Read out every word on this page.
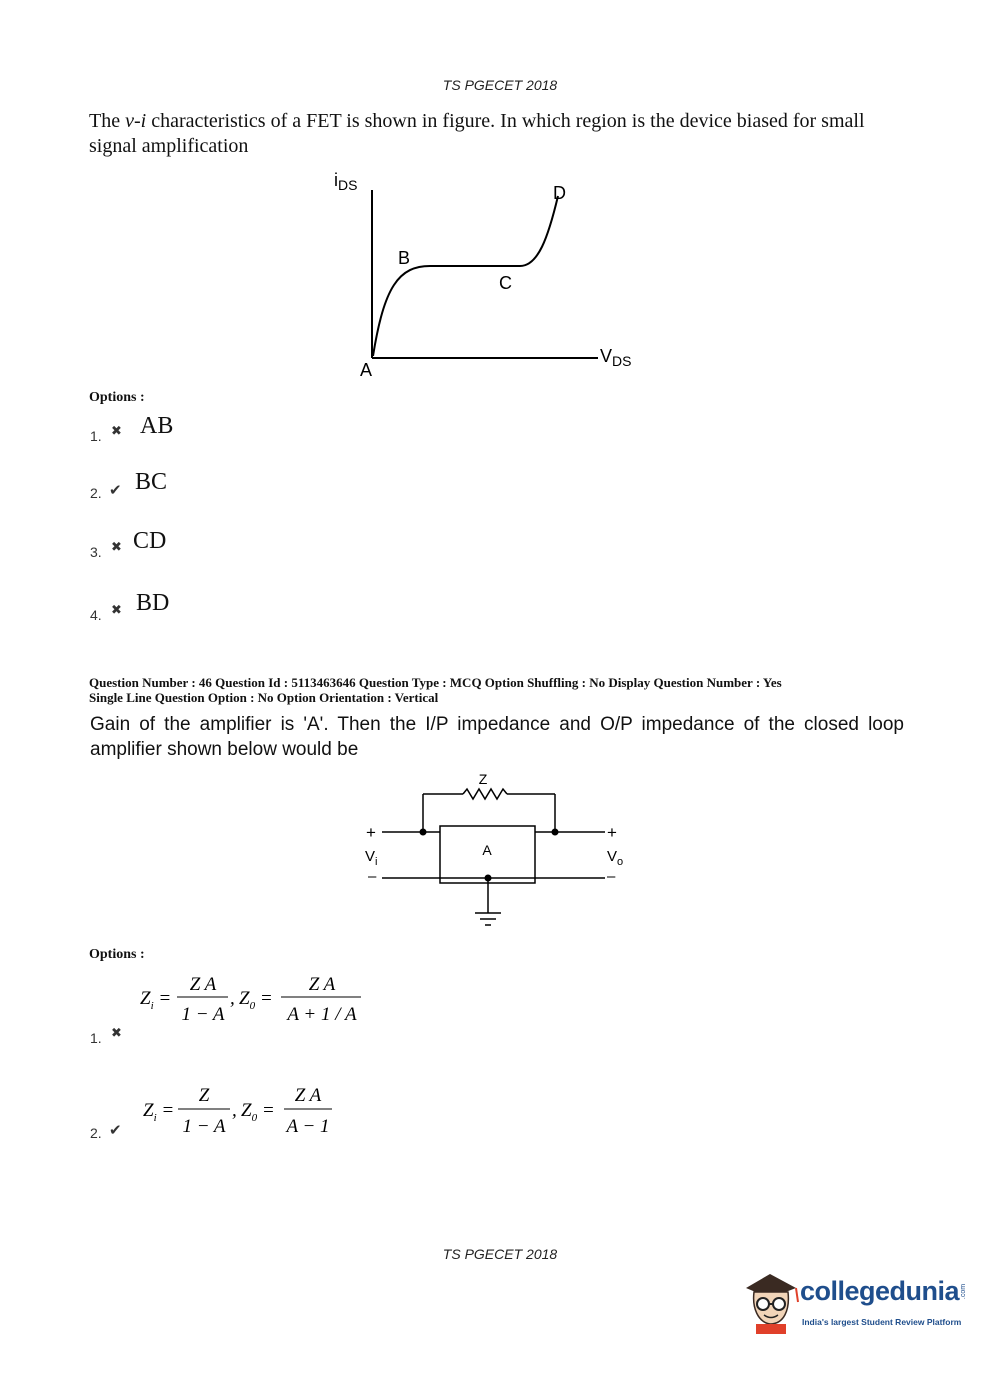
TS PGECET 2018
The v-i characteristics of a FET is shown in figure. In which region is the device biased for small
signal amplification
$i_{DS}$
$V_{DS}$
A
B
C
D
Options :
1. ✖ AB
2. ✔ BC
3. ✖ CD
4. ✖ BD
Question Number : 46 Question Id : 5113463646 Question Type : MCQ Option Shuffling : No Display Question Number : Yes
Single Line Question Option : No Option Orientation : Vertical
Gain of the amplifier is 'A'. Then the I/P impedance and O/P impedance of the closed loop
amplifier shown below would be
Z
A
+
$V_i$
–
+
$V_o$
–
Options :
1. ✖
$Z_i$ =
Z A
1 − A
, $Z_0$ =
Z A
A + 1 / A
2. ✔
$Z_i$ =
Z
1 − A
, $Z_0$ =
Z A
A − 1
TS PGECET 2018
collegedunia .com
India's largest Student Review Platform
